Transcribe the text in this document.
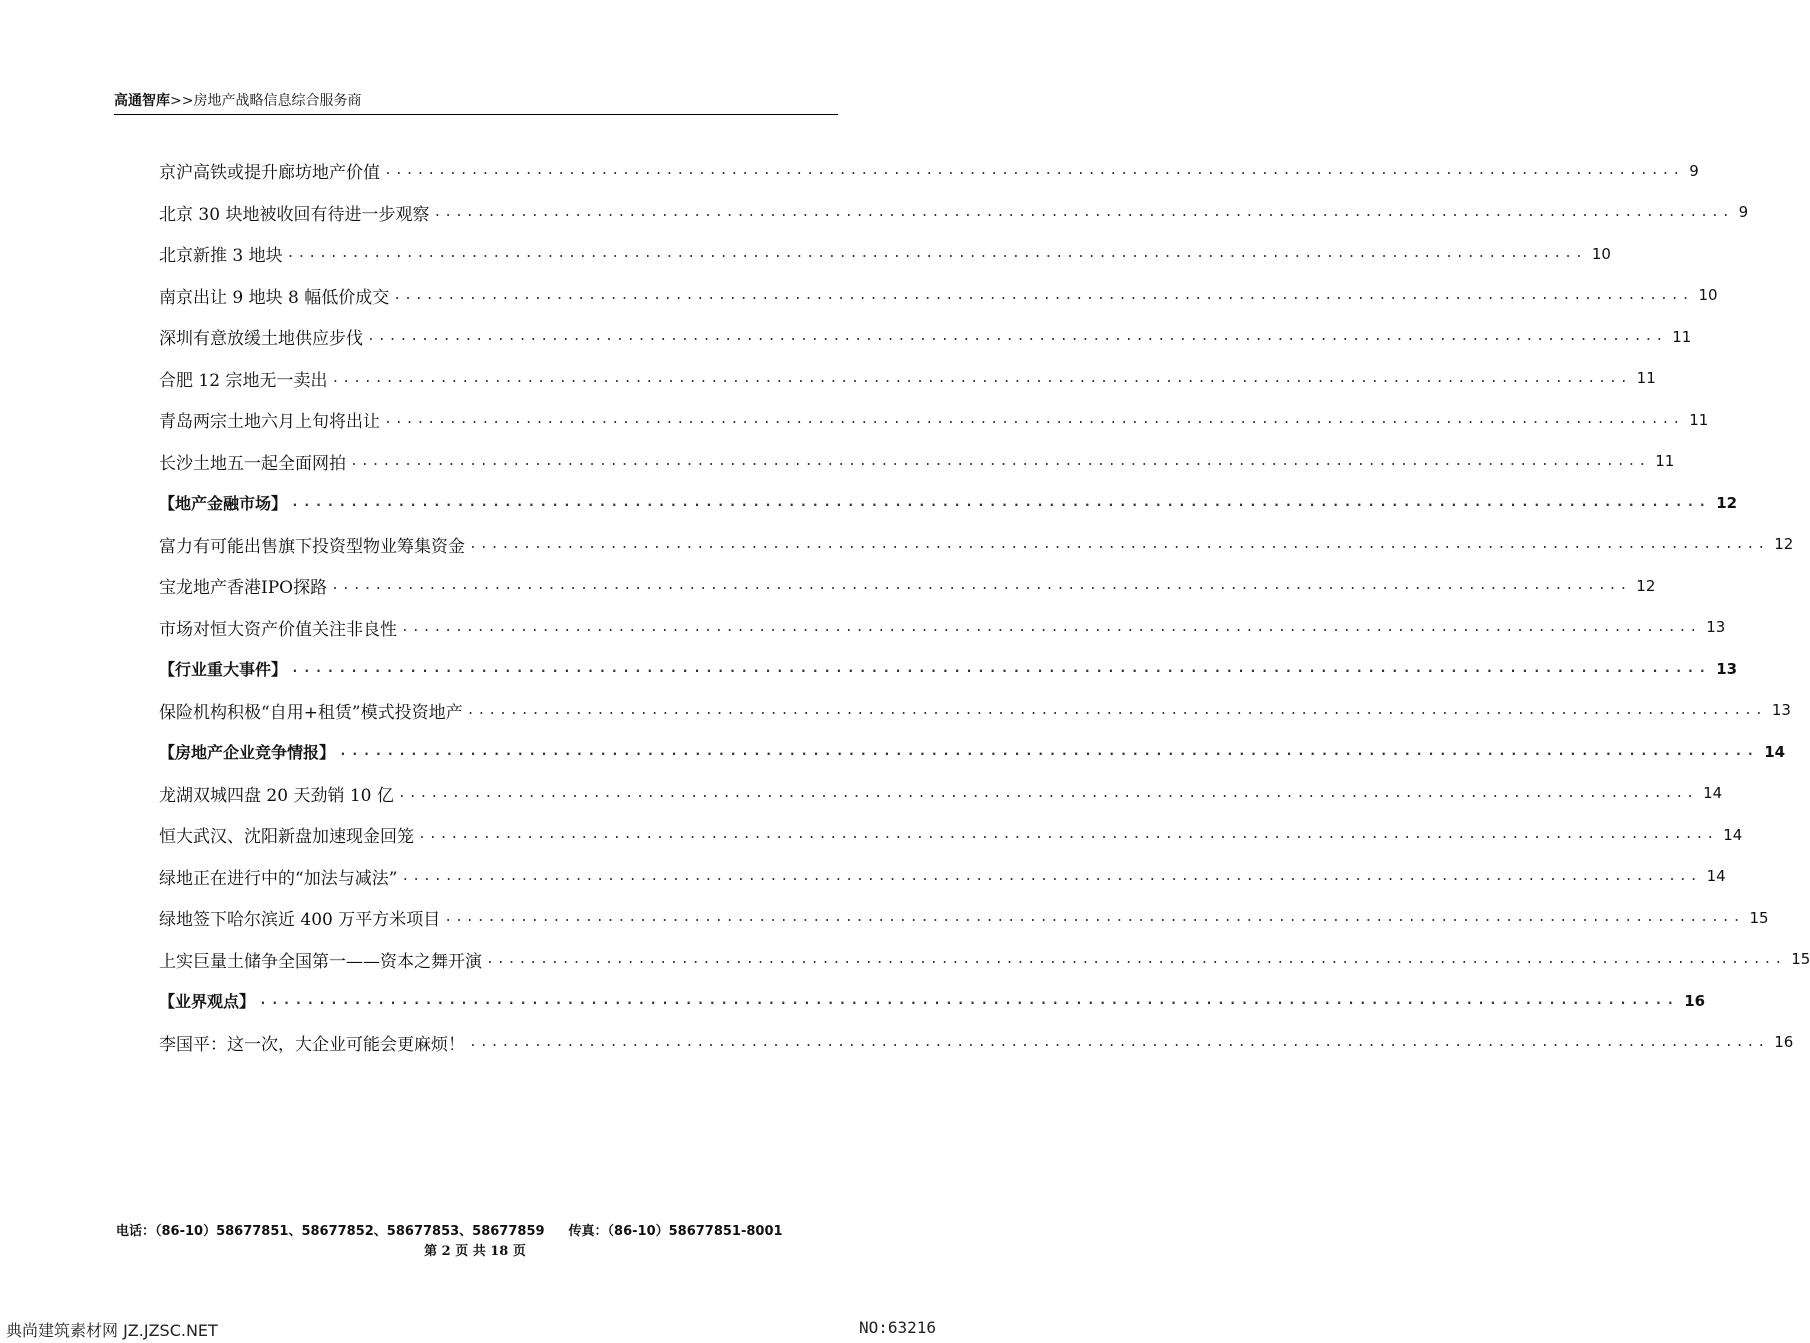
高通智库>>房地产战略信息综合服务商
京沪高铁或提升廊坊地产价值 ........................................................................................................................ 9
北京 30 块地被收回有待进一步观察 ........................................................................................................................ 9
北京新推 3 地块 ........................................................................................................................ 10
南京出让 9 地块 8 幅低价成交 ........................................................................................................................ 10
深圳有意放缓土地供应步伐 ........................................................................................................................ 11
合肥 12 宗地无一卖出 ........................................................................................................................ 11
青岛两宗土地六月上旬将出让 ........................................................................................................................ 11
长沙土地五一起全面网拍 ........................................................................................................................ 11
【地产金融市场】 ........................................................................................................................ 12
富力有可能出售旗下投资型物业筹集资金 ........................................................................................................................ 12
宝龙地产香港IPO探路 ........................................................................................................................ 12
市场对恒大资产价值关注非良性 ........................................................................................................................ 13
【行业重大事件】 ........................................................................................................................ 13
保险机构积极“自用+租赁”模式投资地产 ........................................................................................................................ 13
【房地产企业竞争情报】 ........................................................................................................................ 14
龙湖双城四盘 20 天劲销 10 亿 ........................................................................................................................ 14
恒大武汉、沈阳新盘加速现金回笼 ........................................................................................................................ 14
绿地正在进行中的“加法与减法” ........................................................................................................................ 14
绿地签下哈尔滨近 400 万平方米项目 ........................................................................................................................ 15
上实巨量土储争全国第一——资本之舞开演 ........................................................................................................................ 15
【业界观点】 ........................................................................................................................ 16
李国平：这一次，大企业可能会更麻烦！ ........................................................................................................................ 16
电话：（86-10）58677851、58677852、58677853、58677859 传真：（86-10）58677851-8001
第 2 页 共 18 页
典尚建筑素材网 JZ.JZSC.NET	NO:63216
